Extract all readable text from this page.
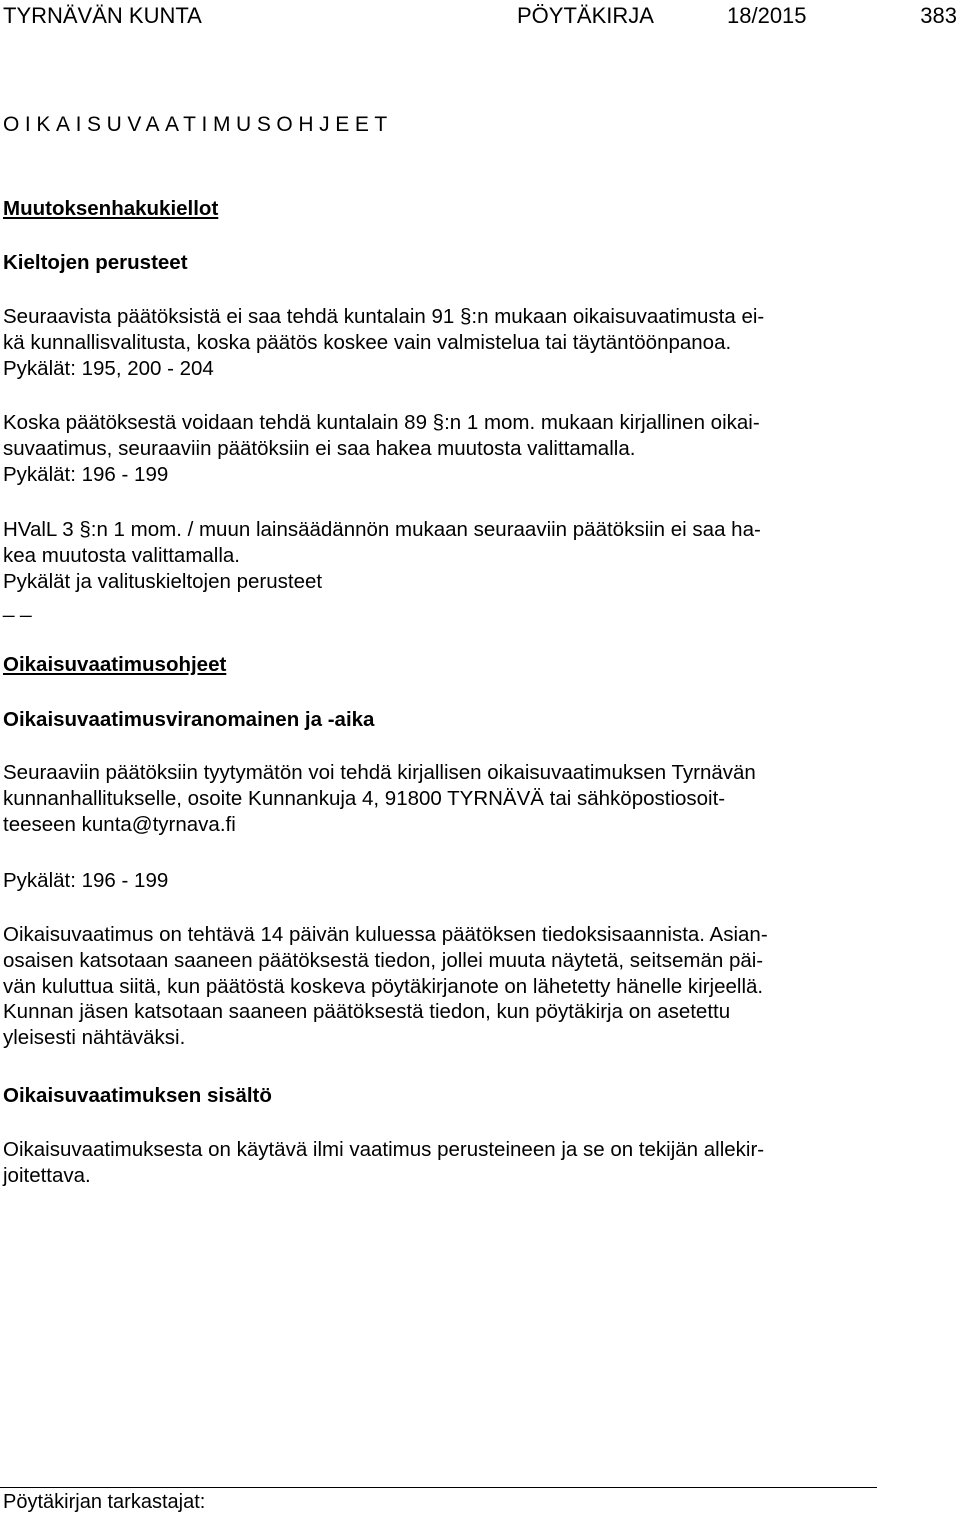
TYRNÄVÄN KUNTA	PÖYTÄKIRJA	18/2015	383
OIKAISUVAATIMUSOHJEET
Muutoksenhakukiellot
Kieltojen perusteet
Seuraavista päätöksistä ei saa tehdä kuntalain 91 §:n mukaan oikaisuvaatimusta ei-
kä kunnallisvalitusta, koska päätös koskee vain valmistelua tai täytäntöönpanoa.
Pykälät: 195, 200 - 204
Koska päätöksestä voidaan tehdä kuntalain 89 §:n 1 mom. mukaan kirjallinen oikai-
suvaatimus, seuraaviin päätöksiin ei saa hakea muutosta valittamalla.
Pykälät: 196 - 199
HValL 3 §:n 1 mom. / muun lainsäädännön mukaan seuraaviin päätöksiin ei saa ha-
kea muutosta valittamalla.
Pykälät ja valituskieltojen perusteet
_ _
Oikaisuvaatimusohjeet
Oikaisuvaatimusviranomainen ja -aika
Seuraaviin päätöksiin tyytymätön voi tehdä kirjallisen oikaisuvaatimuksen Tyrnävän
kunnanhallitukselle, osoite Kunnankuja 4, 91800 TYRNÄVÄ tai sähköpostiosoit-
teeseen kunta@tyrnava.fi
Pykälät: 196 - 199
Oikaisuvaatimus on tehtävä 14 päivän kuluessa päätöksen tiedoksisaannista. Asian-
osaisen katsotaan saaneen päätöksestä tiedon, jollei muuta näytetä, seitsemän päi-
vän kuluttua siitä, kun päätöstä koskeva pöytäkirjanote on lähetetty hänelle kirjeellä.
Kunnan jäsen katsotaan saaneen päätöksestä tiedon, kun pöytäkirja on asetettu
yleisesti nähtäväksi.
Oikaisuvaatimuksen sisältö
Oikaisuvaatimuksesta on käytävä ilmi vaatimus perusteineen ja se on tekijän allekir-
joitettava.
Pöytäkirjan tarkastajat:
